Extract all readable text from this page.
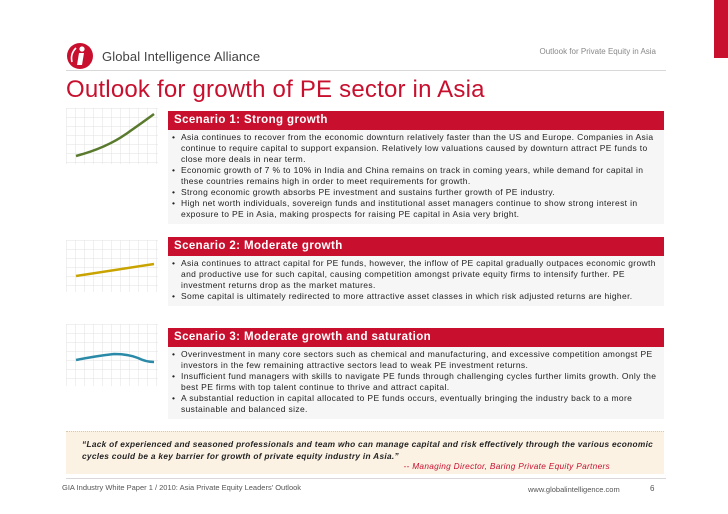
Global Intelligence Alliance	Outlook for Private Equity in Asia
Outlook for growth of PE sector in Asia
Scenario 1: Strong growth
• Asia continues to recover from the economic downturn relatively faster than the US and Europe. Companies in Asia continue to require capital to support expansion. Relatively low valuations caused by downturn attract PE funds to close more deals in near term.
• Economic growth of 7 % to 10% in India and China remains on track in coming years, while demand for capital in these countries remains high in order to meet requirements for growth.
• Strong economic growth absorbs PE investment and sustains further growth of PE industry.
• High net worth individuals, sovereign funds and institutional asset managers continue to show strong interest in exposure to PE in Asia, making prospects for raising PE capital in Asia very bright.
Scenario 2: Moderate growth
• Asia continues to attract capital for PE funds, however, the inflow of PE capital gradually outpaces economic growth and productive use for such capital, causing competition amongst private equity firms to intensify further. PE investment returns drop as the market matures.
• Some capital is ultimately redirected to more attractive asset classes in which risk adjusted returns are higher.
Scenario 3: Moderate growth and saturation
• Overinvestment in many core sectors such as chemical and manufacturing, and excessive competition amongst PE investors in the few remaining attractive sectors lead to weak PE investment returns.
• Insufficient fund managers with skills to navigate PE funds through challenging cycles further limits growth. Only the best PE firms with top talent continue to thrive and attract capital.
• A substantial reduction in capital allocated to PE funds occurs, eventually bringing the industry back to a more sustainable and balanced size.
“Lack of experienced and seasoned professionals and team who can manage capital and risk effectively through the various economic cycles could be a key barrier for growth of private equity industry in Asia.”
-- Managing Director, Baring Private Equity Partners
GIA Industry White Paper 1 / 2010: Asia Private Equity Leaders' Outlook	www.globalintelligence.com	6
